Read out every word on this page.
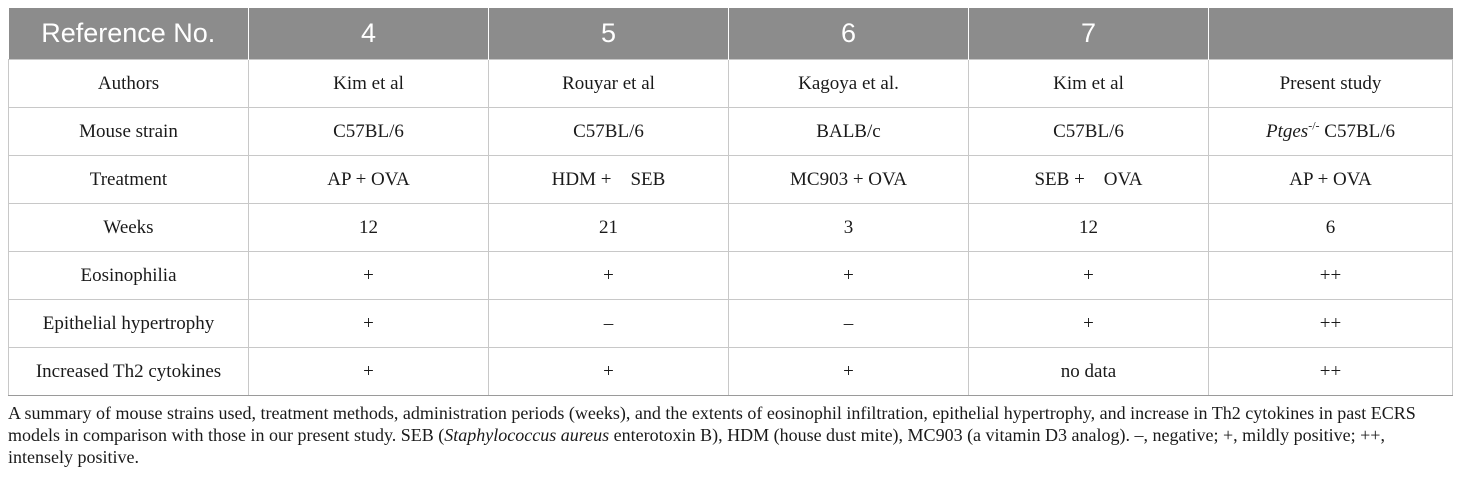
Reference No.	4	5	6	7	
Authors	Kim et al	Rouyar et al	Kagoya et al.	Kim et al	Present study
Mouse strain	C57BL/6	C57BL/6	BALB/c	C57BL/6	Ptges-/- C57BL/6
Treatment	AP + OVA	HDM +    SEB	MC903 + OVA	SEB +    OVA	AP + OVA
Weeks	12	21	3	12	6
Eosinophilia	+	+	+	+	++
Epithelial hypertrophy	+	–	–	+	++
Increased Th2 cytokines	+	+	+	no data	++
A summary of mouse strains used, treatment methods, administration periods (weeks), and the extents of eosinophil infiltration, epithelial hypertrophy, and increase in Th2 cytokines in past ECRS models in comparison with those in our present study. SEB (Staphylococcus aureus enterotoxin B), HDM (house dust mite), MC903 (a vitamin D3 analog). –, negative; +, mildly positive; ++, intensely positive.
